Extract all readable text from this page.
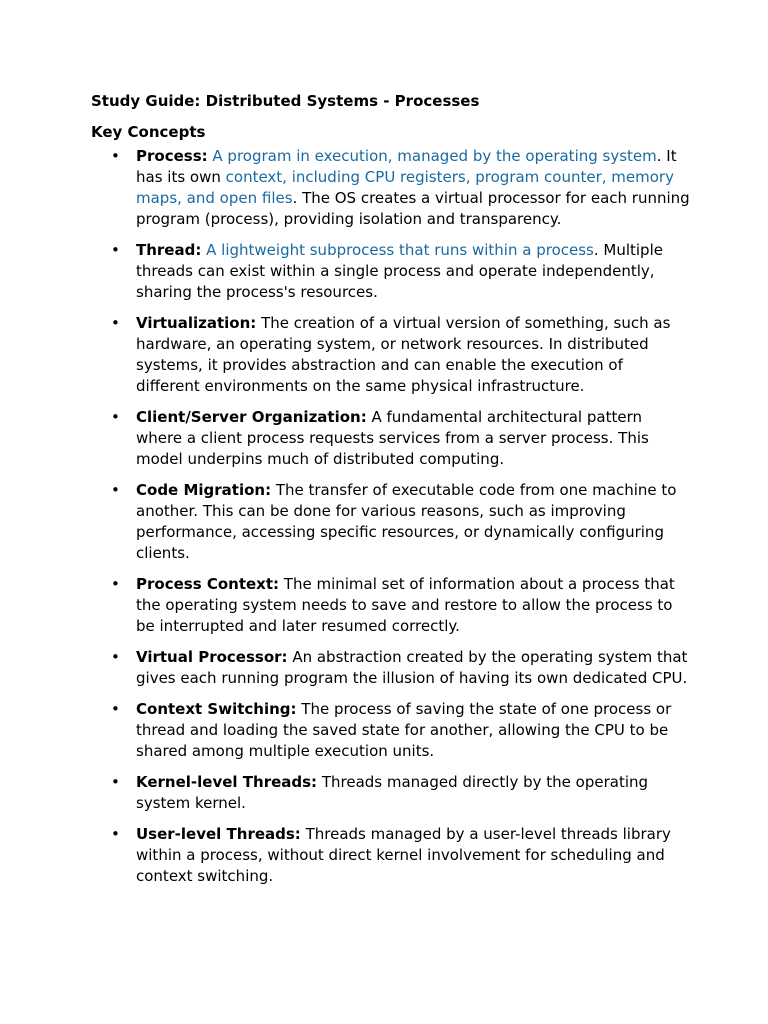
Study Guide: Distributed Systems - Processes
Key Concepts
• Process: A program in execution, managed by the operating system. It has its own context, including CPU registers, program counter, memory maps, and open files. The OS creates a virtual processor for each running program (process), providing isolation and transparency.
• Thread: A lightweight subprocess that runs within a process. Multiple threads can exist within a single process and operate independently, sharing the process's resources.
• Virtualization: The creation of a virtual version of something, such as hardware, an operating system, or network resources. In distributed systems, it provides abstraction and can enable the execution of different environments on the same physical infrastructure.
• Client/Server Organization: A fundamental architectural pattern where a client process requests services from a server process. This model underpins much of distributed computing.
• Code Migration: The transfer of executable code from one machine to another. This can be done for various reasons, such as improving performance, accessing specific resources, or dynamically configuring clients.
• Process Context: The minimal set of information about a process that the operating system needs to save and restore to allow the process to be interrupted and later resumed correctly.
• Virtual Processor: An abstraction created by the operating system that gives each running program the illusion of having its own dedicated CPU.
• Context Switching: The process of saving the state of one process or thread and loading the saved state for another, allowing the CPU to be shared among multiple execution units.
• Kernel-level Threads: Threads managed directly by the operating system kernel.
• User-level Threads: Threads managed by a user-level threads library within a process, without direct kernel involvement for scheduling and context switching.
